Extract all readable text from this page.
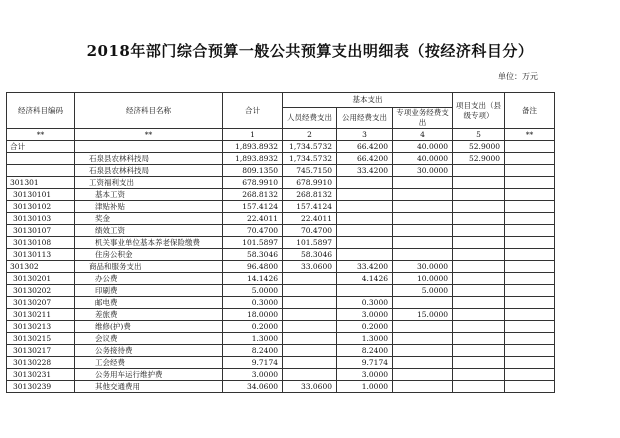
2018年部门综合预算一般公共预算支出明细表（按经济科目分）
单位：万元
经济科目编码	经济科目名称	合计	基本支出			项目支出（县级专项）	备注
			人员经费支出	公用经费支出	专项业务经费支出		
**	**	1	2	3	4	5	**
合计		1,893.8932	1,734.5732	66.4200	40.0000	52.9000	
	石泉县农林科技局	1,893.8932	1,734.5732	66.4200	40.0000	52.9000	
	石泉县农林科技局	809.1350	745.7150	33.4200	30.0000		
301301	工资福利支出	678.9910	678.9910				
30130101	基本工资	268.8132	268.8132				
30130102	津贴补贴	157.4124	157.4124				
30130103	奖金	22.4011	22.4011				
30130107	绩效工资	70.4700	70.4700				
30130108	机关事业单位基本养老保险缴费	101.5897	101.5897				
30130113	住房公积金	58.3046	58.3046				
301302	商品和服务支出	96.4800	33.0600	33.4200	30.0000		
30130201	办公费	14.1426		4.1426	10.0000		
30130202	印刷费	5.0000			5.0000		
30130207	邮电费	0.3000		0.3000			
30130211	差旅费	18.0000		3.0000	15.0000		
30130213	维修(护)费	0.2000		0.2000			
30130215	会议费	1.3000		1.3000			
30130217	公务接待费	8.2400		8.2400			
30130228	工会经费	9.7174		9.7174			
30130231	公务用车运行维护费	3.0000		3.0000			
30130239	其他交通费用	34.0600	33.0600	1.0000			
